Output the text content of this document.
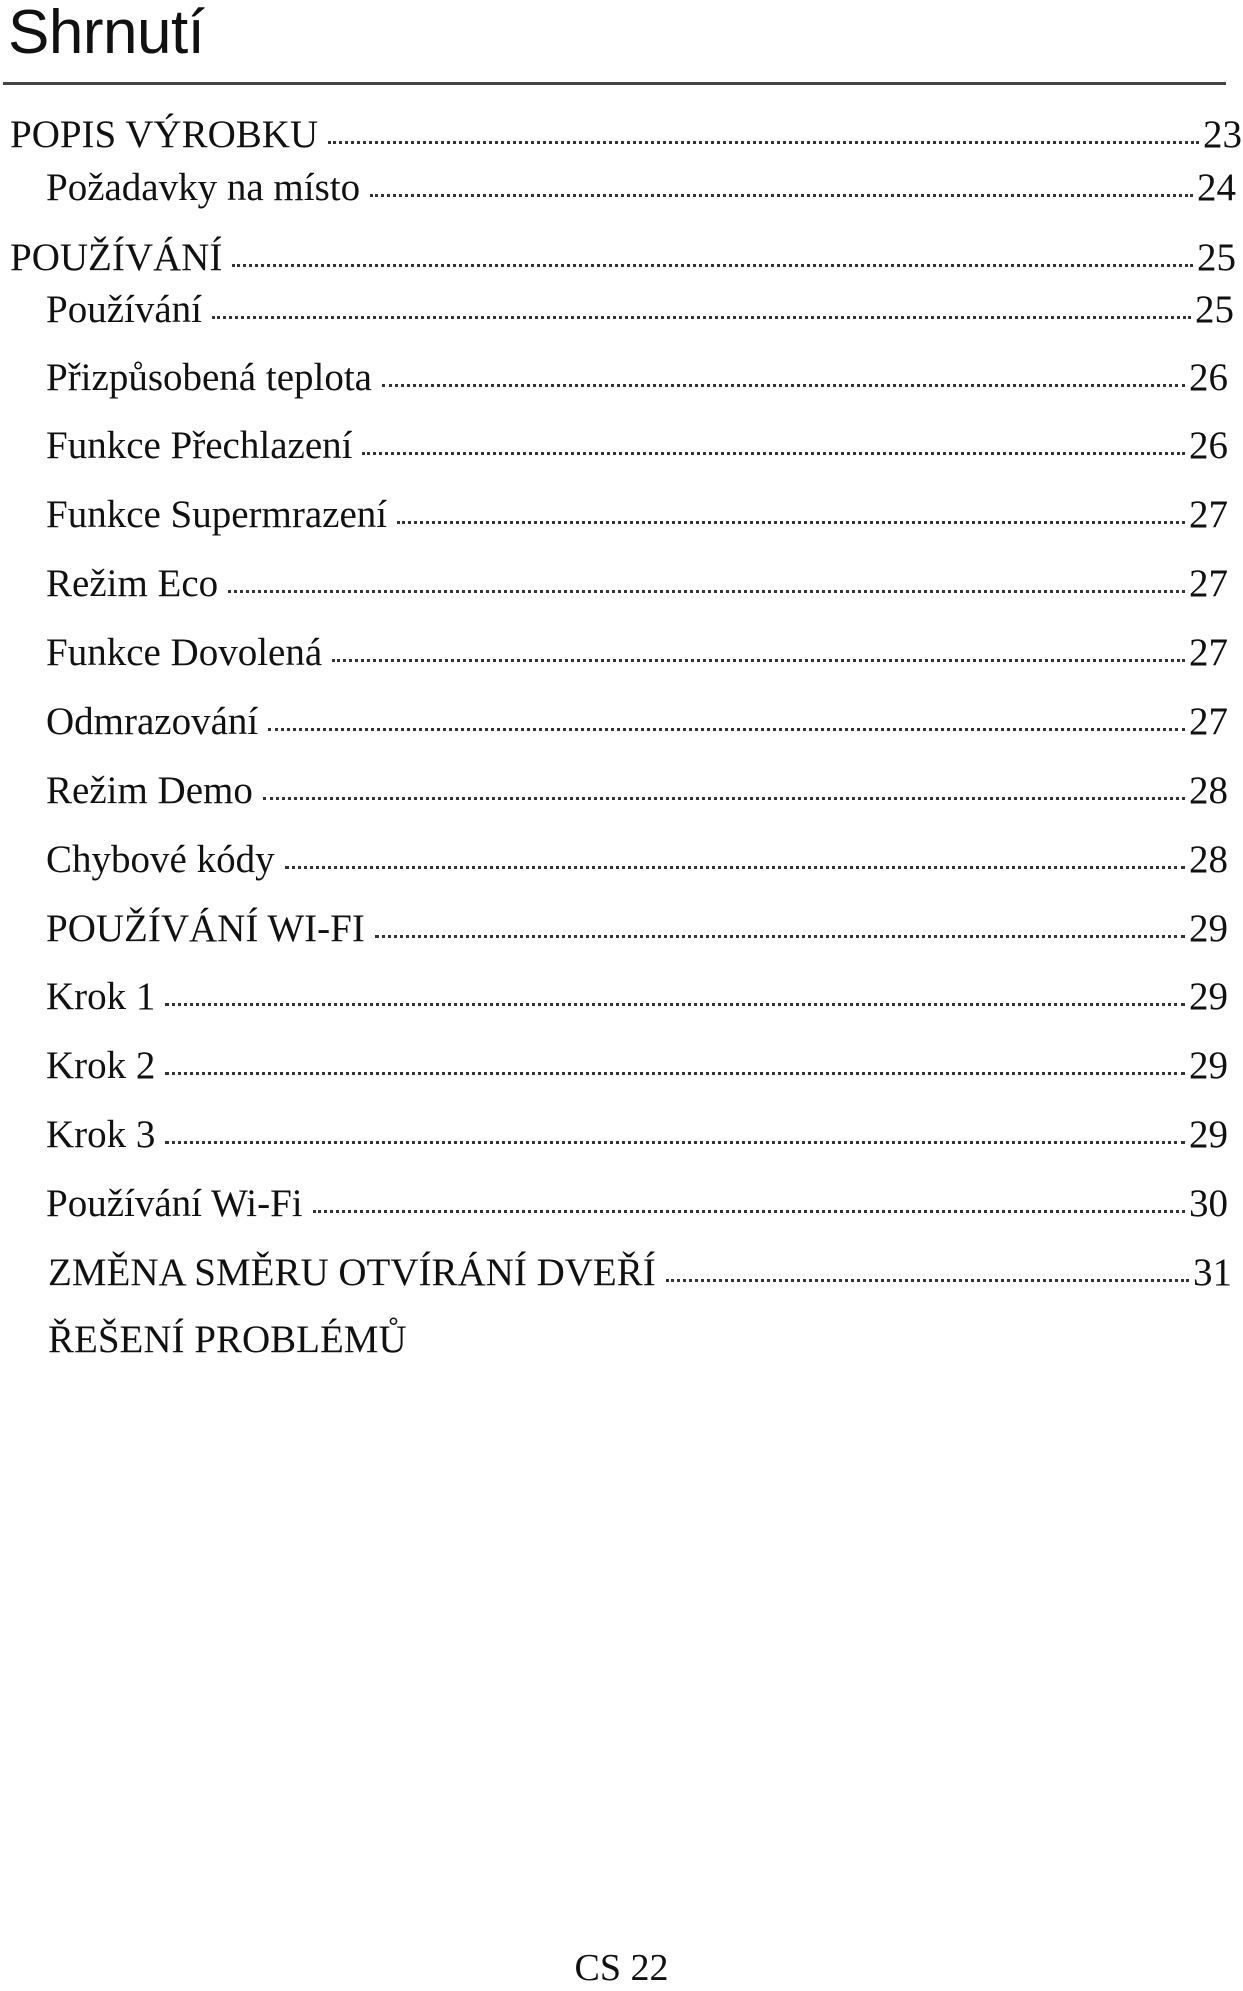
Shrnutí
POPIS VÝROBKU	23
Požadavky na místo	24
POUŽÍVÁNÍ	25
Používání	25
Přizpůsobená teplota	26
Funkce Přechlazení	26
Funkce Supermrazení	27
Režim Eco	27
Funkce Dovolená	27
Odmrazování	27
Režim Demo	28
Chybové kódy	28
POUŽÍVÁNÍ WI-FI	29
Krok 1	29
Krok 2	29
Krok 3	29
Používání Wi-Fi	30
ZMĚNA SMĚRU OTVÍRÁNÍ DVEŘÍ	31
ŘEŠENÍ PROBLÉMŮ
CS 22
